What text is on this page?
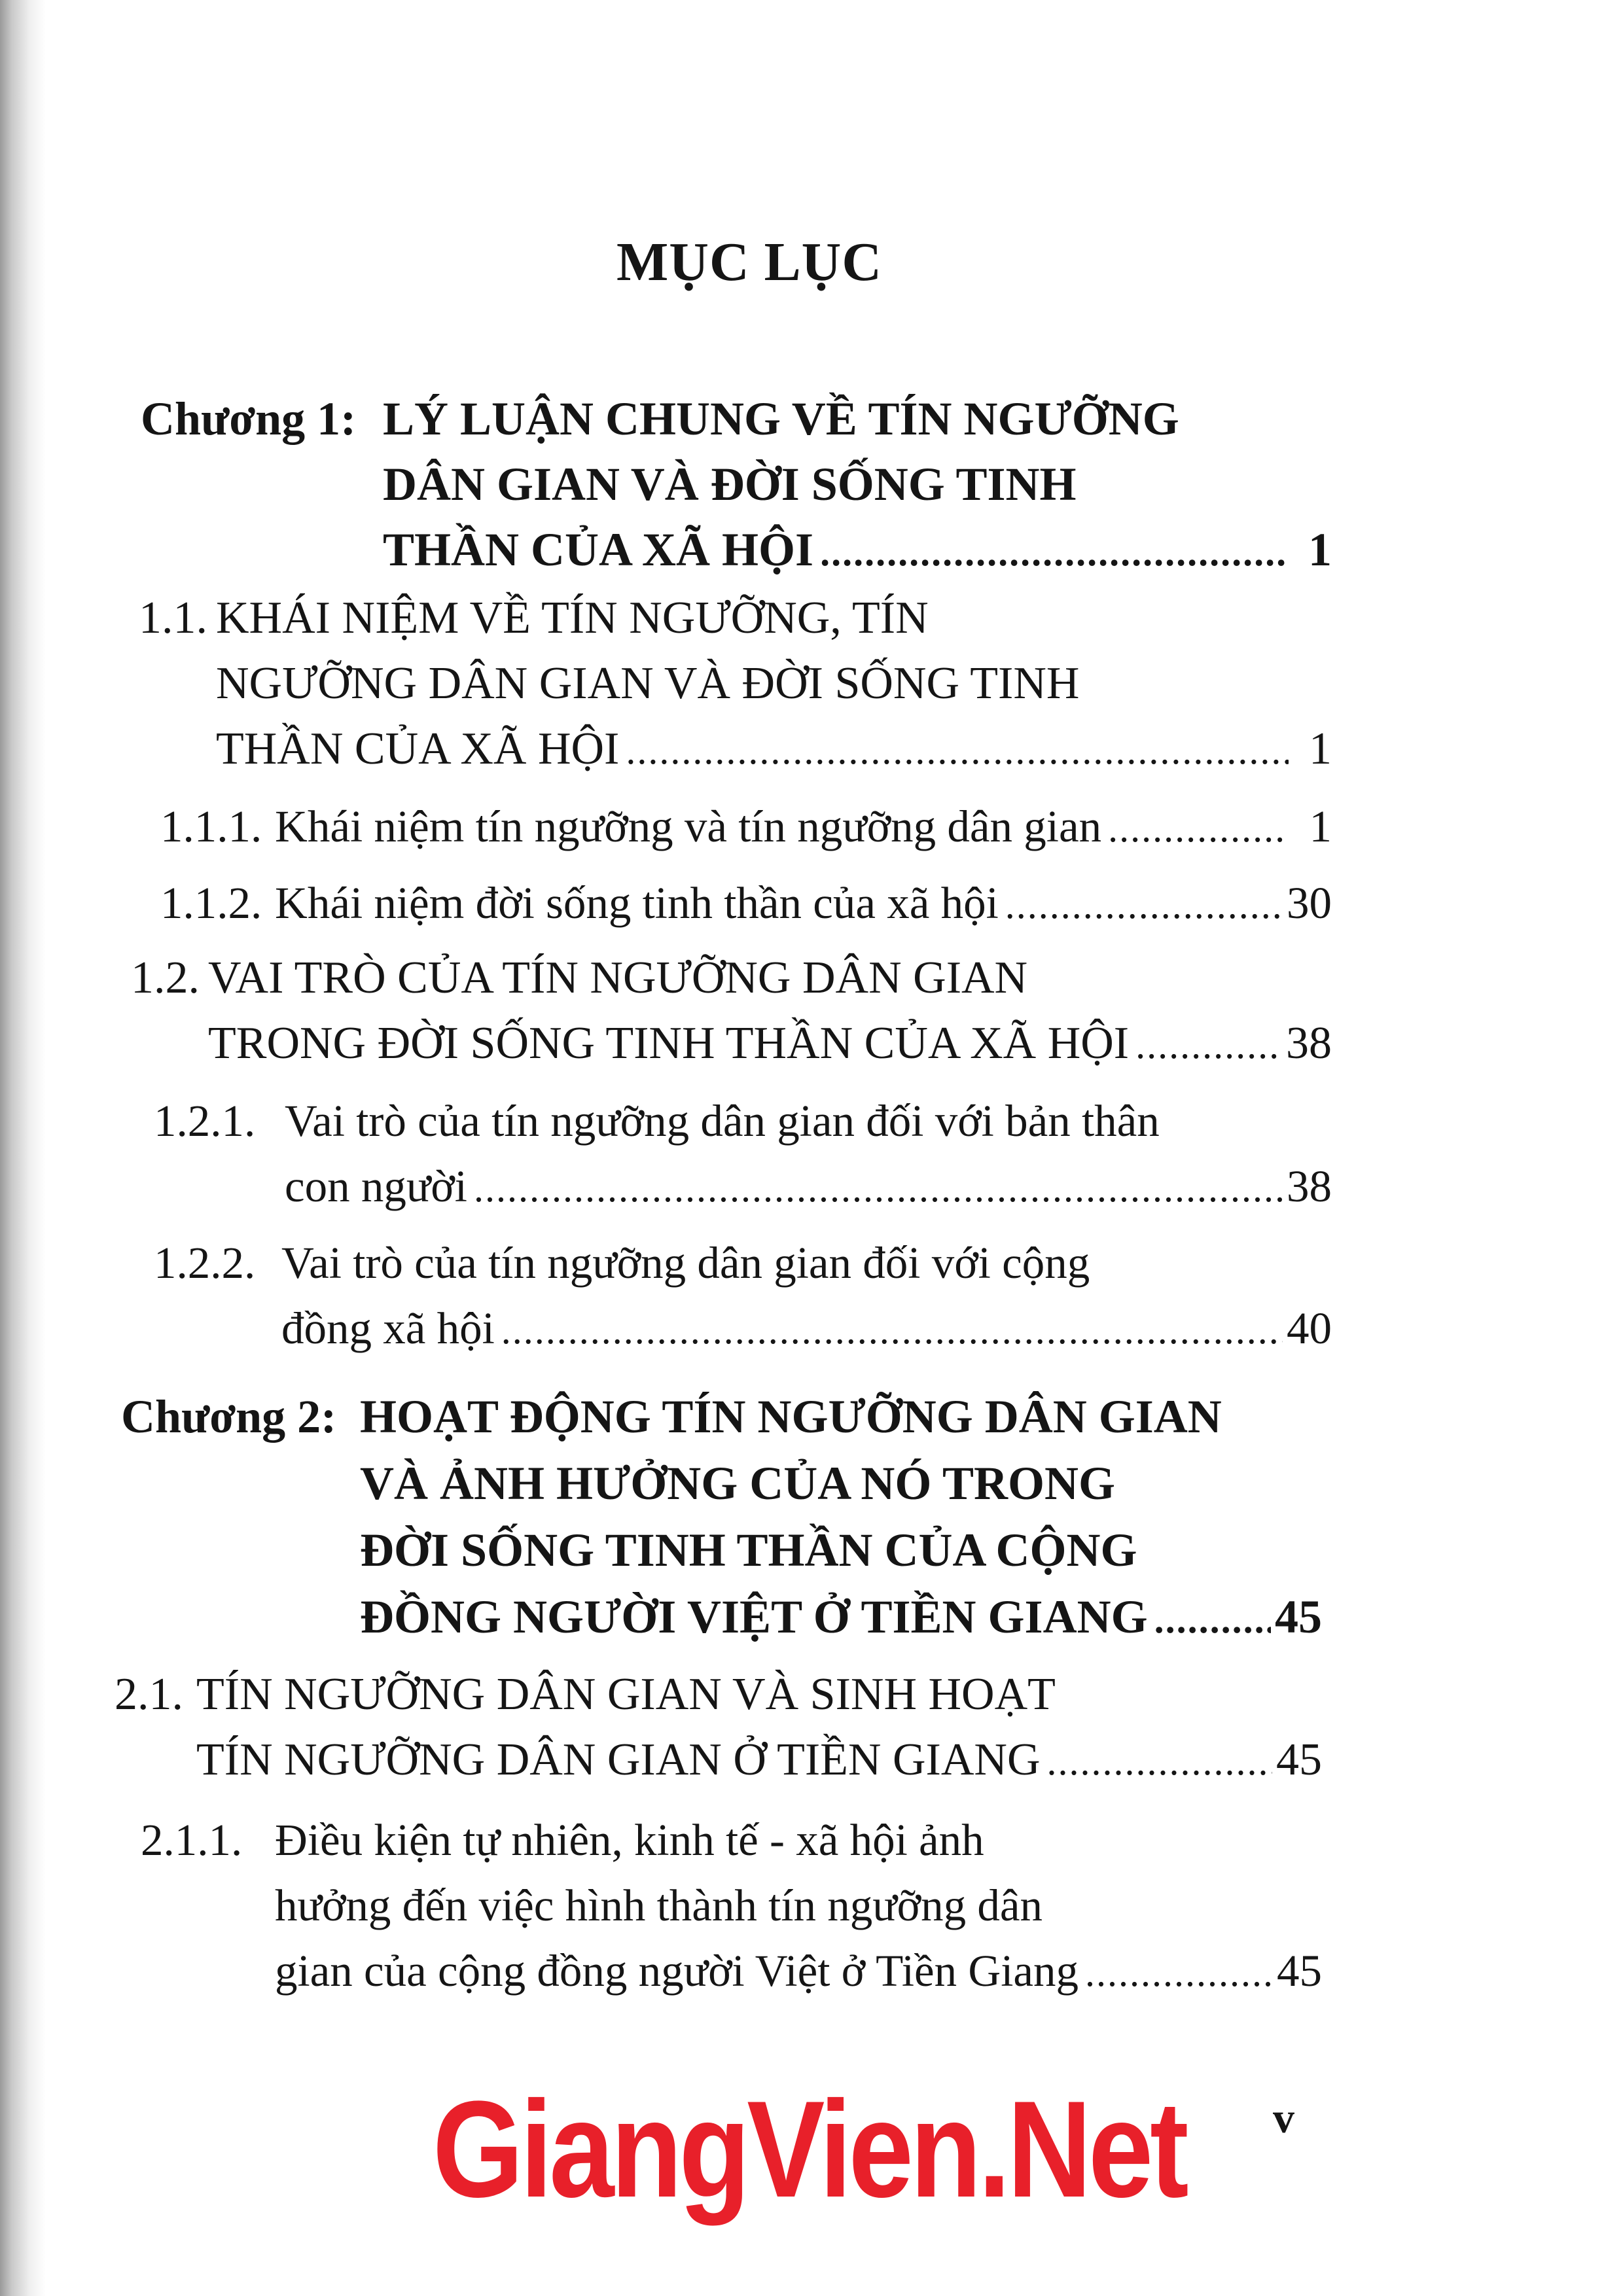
MỤC LỤC
Chương 1: LÝ LUẬN CHUNG VỀ TÍN NGƯỠNG
DÂN GIAN VÀ ĐỜI SỐNG TINH
THẦN CỦA XÃ HỘI .....	1
1.1. KHÁI NIỆM VỀ TÍN NGƯỠNG, TÍN
NGƯỠNG DÂN GIAN VÀ ĐỜI SỐNG TINH
THẦN CỦA XÃ HỘI .....	1
1.1.1. Khái niệm tín ngưỡng và tín ngưỡng dân gian .....	1
1.1.2. Khái niệm đời sống tinh thần của xã hội .....	30
1.2. VAI TRÒ CỦA TÍN NGƯỠNG DÂN GIAN
TRONG ĐỜI SỐNG TINH THẦN CỦA XÃ HỘI .....	38
1.2.1. Vai trò của tín ngưỡng dân gian đối với bản thân
con người .....	38
1.2.2. Vai trò của tín ngưỡng dân gian đối với cộng
đồng xã hội .....	40
Chương 2: HOẠT ĐỘNG TÍN NGƯỠNG DÂN GIAN
VÀ ẢNH HƯỞNG CỦA NÓ TRONG
ĐỜI SỐNG TINH THẦN CỦA CỘNG
ĐỒNG NGƯỜI VIỆT Ở TIỀN GIANG .....	45
2.1. TÍN NGƯỠNG DÂN GIAN VÀ SINH HOẠT
TÍN NGƯỠNG DÂN GIAN Ở TIỀN GIANG .....	45
2.1.1. Điều kiện tự nhiên, kinh tế - xã hội ảnh
hưởng đến việc hình thành tín ngưỡng dân
gian của cộng đồng người Việt ở Tiền Giang .....	45
GiangVien.Net	v
